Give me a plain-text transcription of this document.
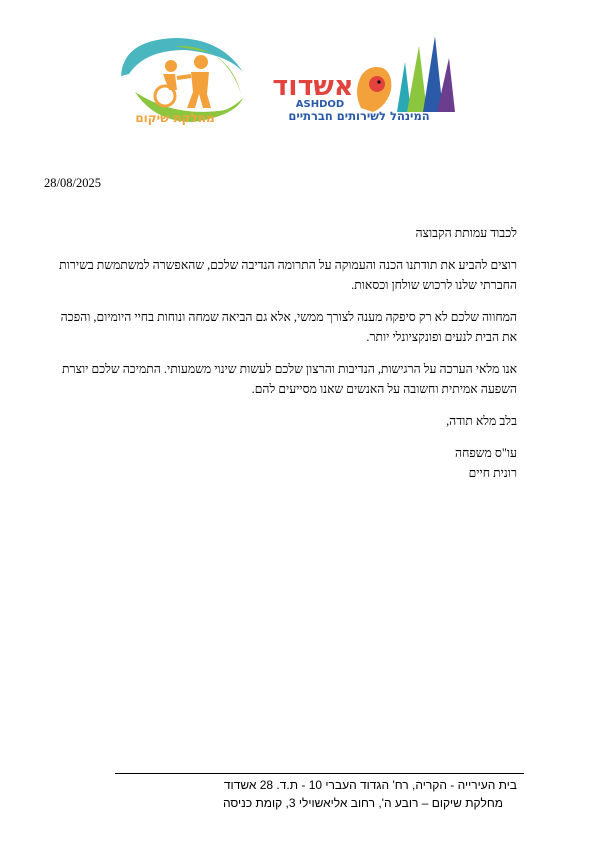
מחלקת שיקום
אשדוד
ASHDOD
המינהל לשירותים חברתיים
28/08/2025

לכבוד עמותת הקבוצה

רוצים להביע את תודתנו הכנה והעמוקה על התרומה הנדיבה שלכם, שהאפשרה למשתמשת בשירות החברתי שלנו לרכוש שולחן וכסאות.

המחווה שלכם לא רק סיפקה מענה לצורך ממשי, אלא גם הביאה שמחה ונוחות בחיי היומיום, והפכה את הבית לנעים ופונקציונלי יותר.

אנו מלאי הערכה על הרגישות, הנדיבות והרצון שלכם לעשות שינוי משמעותי. התמיכה שלכם יוצרת השפעה אמיתית וחשובה על האנשים שאנו מסייעים להם.

בלב מלא תודה,

עו"ס משפחה

רונית חיים

בית העירייה - הקריה, רח' הגדוד העברי 10 - ת.ד. 28 אשדוד
מחלקת שיקום – רובע ה', רחוב אליאשוילי 3, קומת כניסה
